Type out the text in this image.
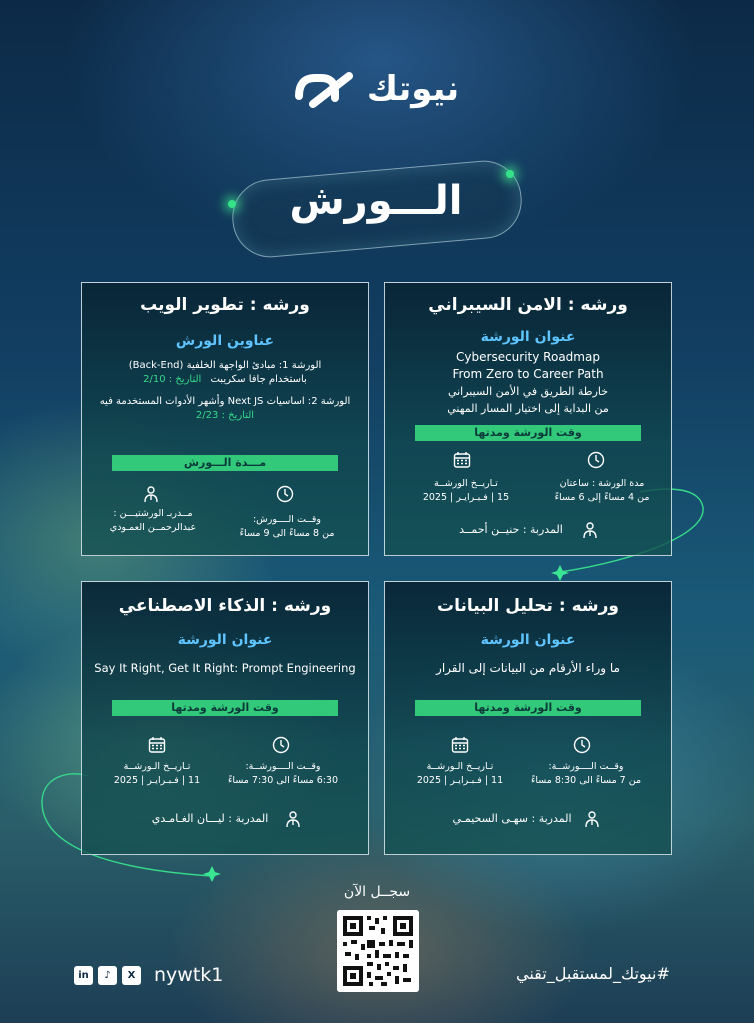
نيوتك
الـــورش
ورشه : الامن السيبراني
عنوان الورشة
Cybersecurity Roadmap
From Zero to Career Path
خارطة الطريق في الأمن السيبراني
من البداية إلى اختيار المسار المهني
وقت الورشة ومدتها
مدة الورشة : ساعتان
من 4 مساءً إلى 6 مساءً
تـاريــخ الورشــة
15 | فـبـرايـر | 2025
المدربة : حنيــن أحمــد
ورشه : تطوير الويب
عناوين الورش
الورشة 1: مبادئ الواجهة الخلفية (Back-End)
باستخدام جافا سكريبت التاريخ : 2/10
الورشة 2: اساسيات Next JS وأشهر الأدوات المستخدمة فيه
التاريخ : 2/23
مـــدة الـــورش
وقــت الــــورش:
من 8 مساءً الى 9 مساءً
مــدربـ الورشتيـــن :
عبدالرحمــن العمـودي
ورشه : تحليل البيانات
عنوان الورشة
ما وراء الأرقام من البيانات إلى القرار
وقت الورشة ومدتها
وقــت الــــورشــة:
من 7 مساءً الى 8:30 مساءً
تـاريــخ الـورشــة
11 | فـبـرايـر | 2025
المدربة : سهـى السحيمـي
ورشه : الذكاء الاصطناعي
عنوان الورشة
Say It Right, Get It Right: Prompt Engineering
وقت الورشة ومدتها
وقــت الــــورشــة:
6:30 مساءً الى 7:30 مساءً
تـاريــخ الـورشــة
11 | فـبـرايـر | 2025
المدربة : ليـــان الغـامـدي
سجــل الآن
#نيوتك_لمستقبل_تقني
in	♪	X nywtk1
